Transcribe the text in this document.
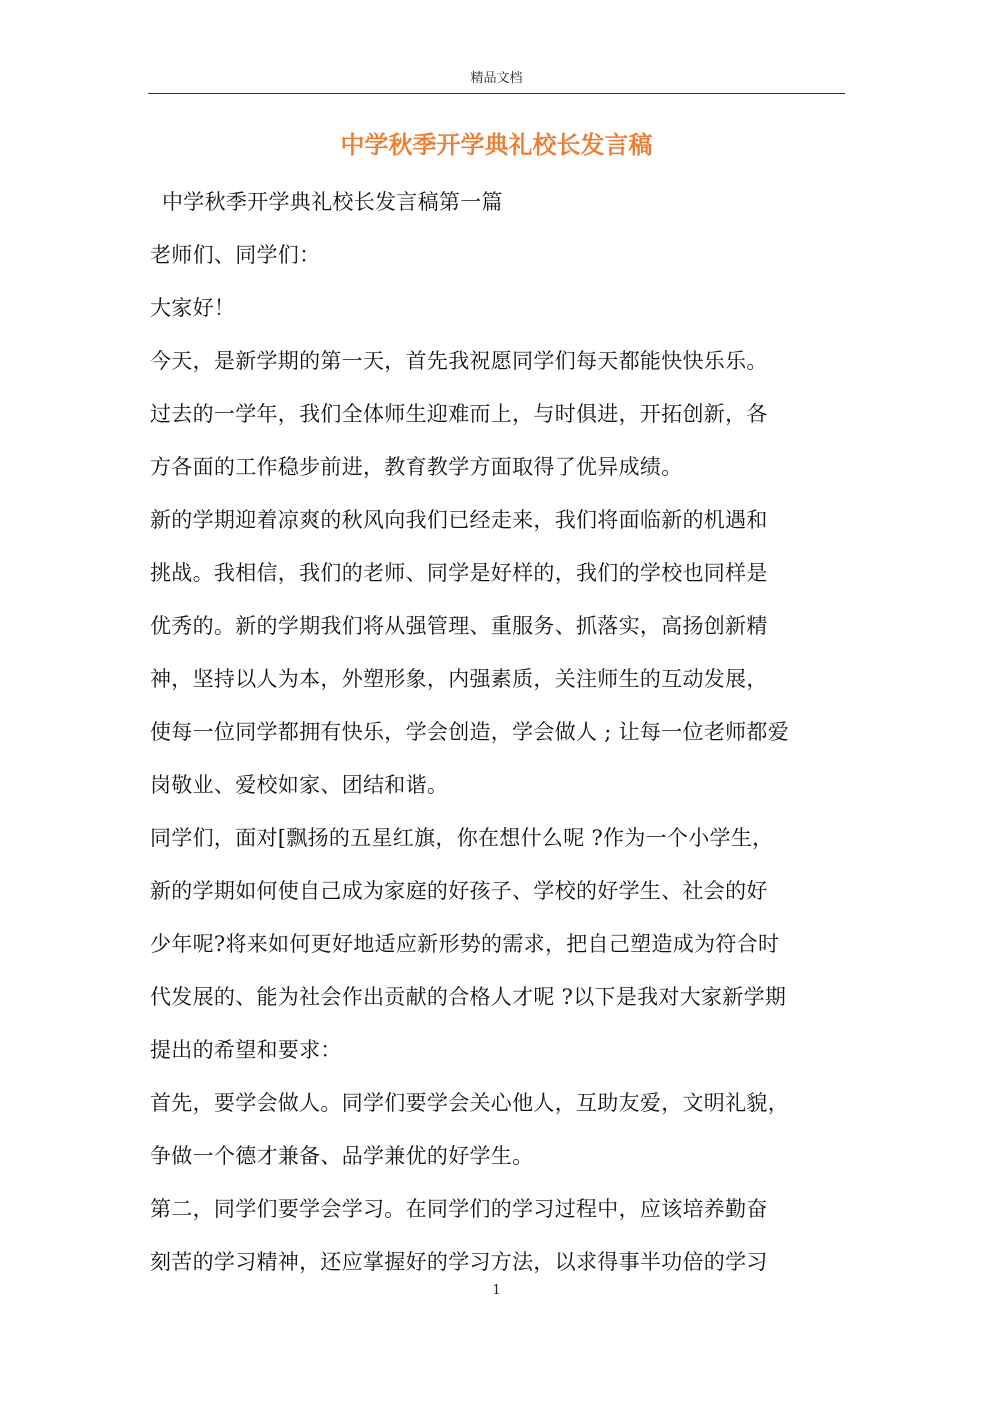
精品文档
中学秋季开学典礼校长发言稿
中学秋季开学典礼校长发言稿第一篇
老师们、同学们：
大家好！
今天，是新学期的第一天，首先我祝愿同学们每天都能快快乐乐。
过去的一学年，我们全体师生迎难而上，与时俱进，开拓创新，各
方各面的工作稳步前进，教育教学方面取得了优异成绩。
新的学期迎着凉爽的秋风向我们已经走来，我们将面临新的机遇和
挑战。我相信，我们的老师、同学是好样的，我们的学校也同样是
优秀的。新的学期我们将从强管理、重服务、抓落实，高扬创新精
神，坚持以人为本，外塑形象，内强素质，关注师生的互动发展，
使每一位同学都拥有快乐，学会创造，学会做人 ; 让每一位老师都爱
岗敬业、爱校如家、团结和谐。
同学们，面对[飘扬的五星红旗，你在想什么呢 ?作为一个小学生，
新的学期如何使自己成为家庭的好孩子、学校的好学生、社会的好
少年呢?将来如何更好地适应新形势的需求，把自己塑造成为符合时
代发展的、能为社会作出贡献的合格人才呢 ?以下是我对大家新学期
提出的希望和要求：
首先，要学会做人。同学们要学会关心他人，互助友爱，文明礼貌，
争做一个德才兼备、品学兼优的好学生。
第二，同学们要学会学习。在同学们的学习过程中，应该培养勤奋
刻苦的学习精神，还应掌握好的学习方法，以求得事半功倍的学习
1
